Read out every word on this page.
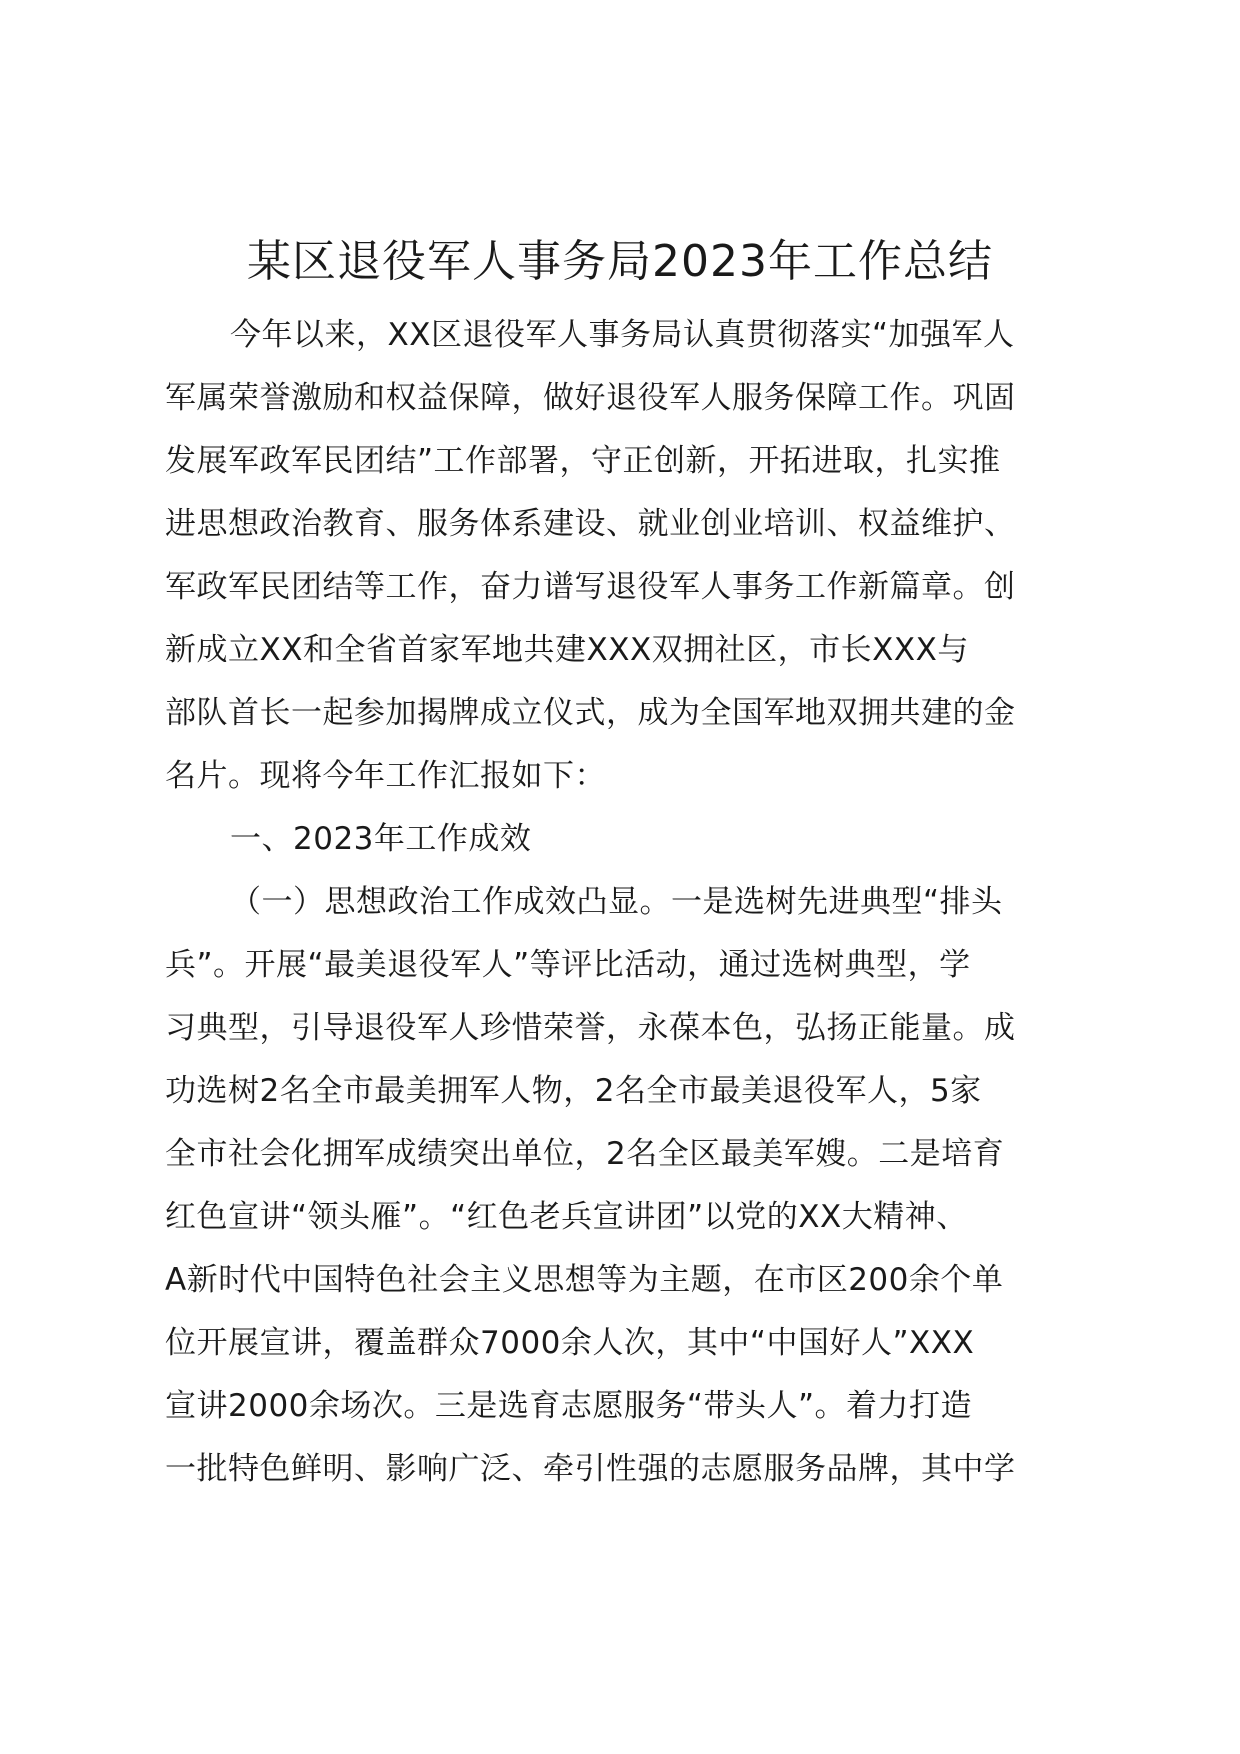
某区退役军人事务局2023年工作总结
今年以来，XX区退役军人事务局认真贯彻落实“加强军人
军属荣誉激励和权益保障，做好退役军人服务保障工作。巩固
发展军政军民团结”工作部署，守正创新，开拓进取，扎实推
进思想政治教育、服务体系建设、就业创业培训、权益维护、
军政军民团结等工作，奋力谱写退役军人事务工作新篇章。创
新成立XX和全省首家军地共建XXX双拥社区，市长XXX与
部队首长一起参加揭牌成立仪式，成为全国军地双拥共建的金
名片。现将今年工作汇报如下：
一、2023年工作成效
（一）思想政治工作成效凸显。一是选树先进典型“排头
兵”。开展“最美退役军人”等评比活动，通过选树典型，学
习典型，引导退役军人珍惜荣誉，永葆本色，弘扬正能量。成
功选树2名全市最美拥军人物，2名全市最美退役军人，5家
全市社会化拥军成绩突出单位，2名全区最美军嫂。二是培育
红色宣讲“领头雁”。“红色老兵宣讲团”以党的XX大精神、
A新时代中国特色社会主义思想等为主题，在市区200余个单
位开展宣讲，覆盖群众7000余人次，其中“中国好人”XXX
宣讲2000余场次。三是选育志愿服务“带头人”。着力打造
一批特色鲜明、影响广泛、牵引性强的志愿服务品牌，其中学
